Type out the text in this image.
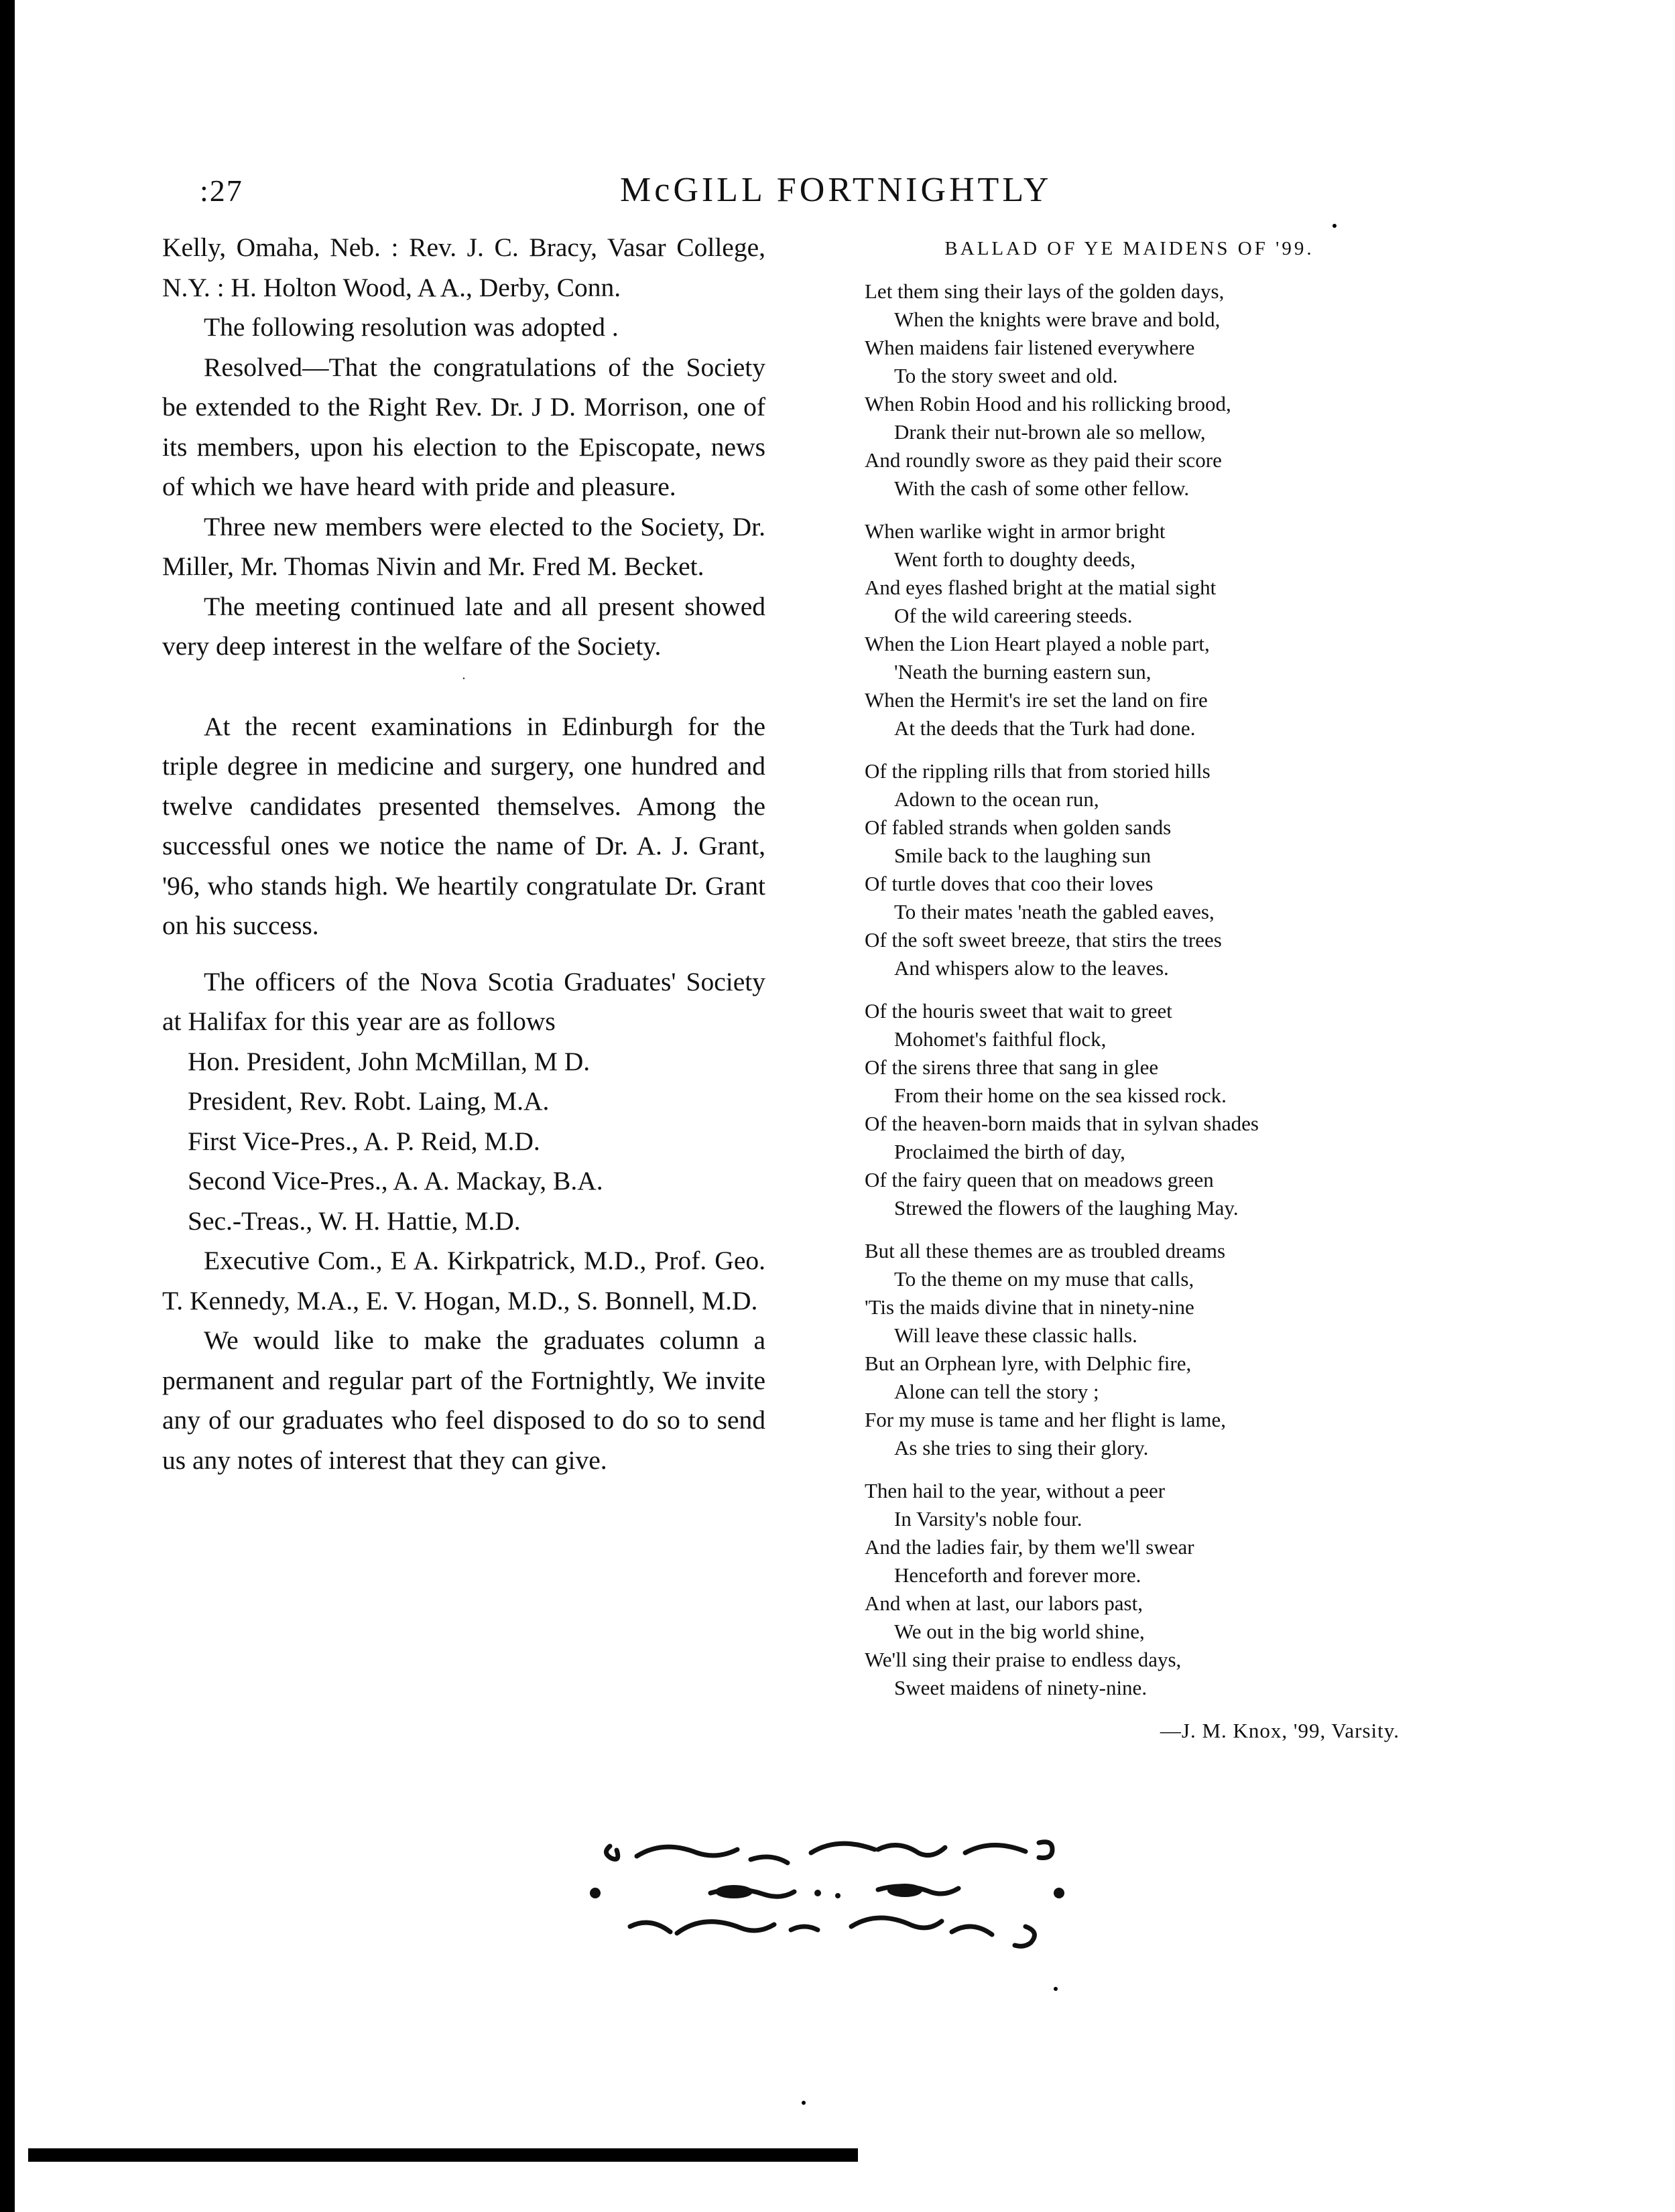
:27	McGILL FORTNIGHTLY

Kelly, Omaha, Neb. : Rev. J. C. Bracy, Vasar College, N.Y. : H. Holton Wood, A A., Derby, Conn.

The following resolution was adopted .

Resolved—That the congratulations of the Society be extended to the Right Rev. Dr. J D. Morrison, one of its members, upon his election to the Episcopate, news of which we have heard with pride and pleasure.

Three new members were elected to the Society, Dr. Miller, Mr. Thomas Nivin and Mr. Fred M. Becket.

The meeting continued late and all present showed very deep interest in the welfare of the Society.

·

At the recent examinations in Edinburgh for the triple degree in medicine and surgery, one hundred and twelve candidates presented themselves. Among the successful ones we notice the name of Dr. A. J. Grant, '96, who stands high. We heartily congratulate Dr. Grant on his success.

The officers of the Nova Scotia Graduates' Society at Halifax for this year are as follows

Hon. President, John McMillan, M D.

President, Rev. Robt. Laing, M.A.

First Vice-Pres., A. P. Reid, M.D.

Second Vice-Pres., A. A. Mackay, B.A.

Sec.-Treas., W. H. Hattie, M.D.

Executive Com., E A. Kirkpatrick, M.D., Prof. Geo. T. Kennedy, M.A., E. V. Hogan, M.D., S. Bonnell, M.D.

We would like to make the graduates column a permanent and regular part of the Fortnightly, We invite any of our graduates who feel disposed to do so to send us any notes of interest that they can give.

BALLAD OF YE MAIDENS OF '99.
Let them sing their lays of the golden days,
When the knights were brave and bold,
When maidens fair listened everywhere
To the story sweet and old.
When Robin Hood and his rollicking brood,
Drank their nut-brown ale so mellow,
And roundly swore as they paid their score
With the cash of some other fellow.
When warlike wight in armor bright
Went forth to doughty deeds,
And eyes flashed bright at the matial sight
Of the wild careering steeds.
When the Lion Heart played a noble part,
'Neath the burning eastern sun,
When the Hermit's ire set the land on fire
At the deeds that the Turk had done.
Of the rippling rills that from storied hills
Adown to the ocean run,
Of fabled strands when golden sands
Smile back to the laughing sun
Of turtle doves that coo their loves
To their mates 'neath the gabled eaves,
Of the soft sweet breeze, that stirs the trees
And whispers alow to the leaves.
Of the houris sweet that wait to greet
Mohomet's faithful flock,
Of the sirens three that sang in glee
From their home on the sea kissed rock.
Of the heaven-born maids that in sylvan shades
Proclaimed the birth of day,
Of the fairy queen that on meadows green
Strewed the flowers of the laughing May.
But all these themes are as troubled dreams
To the theme on my muse that calls,
'Tis the maids divine that in ninety-nine
Will leave these classic halls.
But an Orphean lyre, with Delphic fire,
Alone can tell the story ;
For my muse is tame and her flight is lame,
As she tries to sing their glory.
Then hail to the year, without a peer
In Varsity's noble four.
And the ladies fair, by them we'll swear
Henceforth and forever more.
And when at last, our labors past,
We out in the big world shine,
We'll sing their praise to endless days,
Sweet maidens of ninety-nine.
—J. M. Knox, '99, Varsity.
